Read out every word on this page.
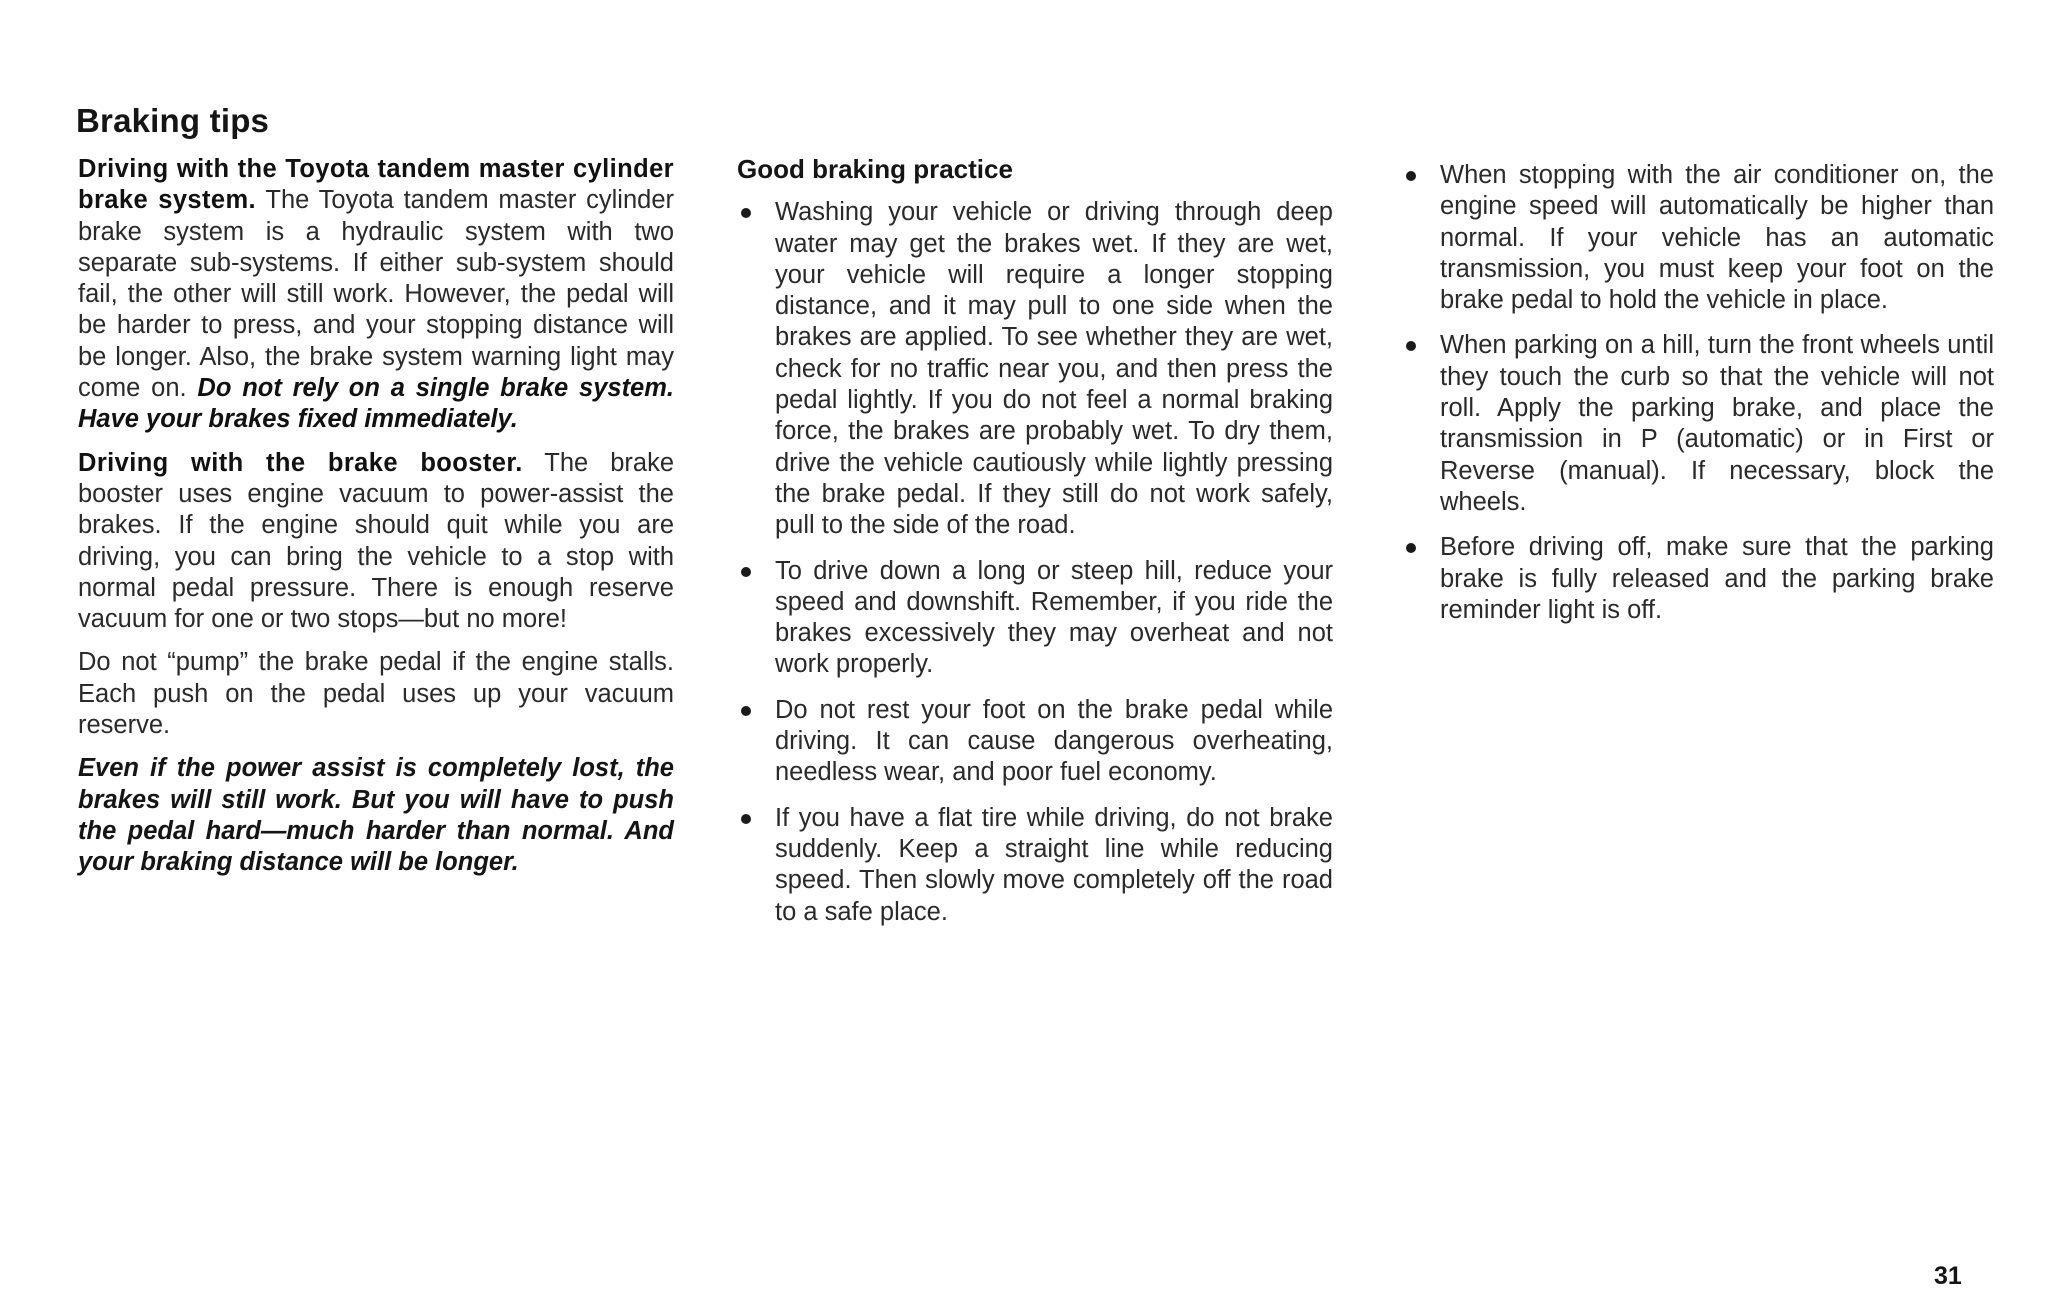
Braking tips

Driving with the Toyota tandem master cylinder brake system. The Toyota tandem master cylinder brake system is a hydraulic system with two separate sub-systems. If either sub-system should fail, the other will still work. However, the pedal will be harder to press, and your stopping distance will be longer. Also, the brake system warning light may come on. Do not rely on a single brake system. Have your brakes fixed immediately.

Driving with the brake booster. The brake booster uses engine vacuum to power-assist the brakes. If the engine should quit while you are driving, you can bring the vehicle to a stop with normal pedal pressure. There is enough reserve vacuum for one or two stops—but no more!

Do not “pump” the brake pedal if the engine stalls. Each push on the pedal uses up your vacuum reserve.

Even if the power assist is completely lost, the brakes will still work. But you will have to push the pedal hard—much harder than normal. And your braking distance will be longer.

Good braking practice
Washing your vehicle or driving through deep water may get the brakes wet. If they are wet, your vehicle will require a longer stopping distance, and it may pull to one side when the brakes are applied. To see whether they are wet, check for no traffic near you, and then press the pedal lightly. If you do not feel a normal braking force, the brakes are probably wet. To dry them, drive the vehicle cautiously while lightly pressing the brake pedal. If they still do not work safely, pull to the side of the road.
To drive down a long or steep hill, reduce your speed and downshift. Remember, if you ride the brakes excessively they may overheat and not work properly.
Do not rest your foot on the brake pedal while driving. It can cause dangerous overheating, needless wear, and poor fuel economy.
If you have a flat tire while driving, do not brake suddenly. Keep a straight line while reducing speed. Then slowly move completely off the road to a safe place.
When stopping with the air conditioner on, the engine speed will automatically be higher than normal. If your vehicle has an automatic transmission, you must keep your foot on the brake pedal to hold the vehicle in place.
When parking on a hill, turn the front wheels until they touch the curb so that the vehicle will not roll. Apply the parking brake, and place the transmission in P (automatic) or in First or Reverse (manual). If necessary, block the wheels.
Before driving off, make sure that the parking brake is fully released and the parking brake reminder light is off.
31
